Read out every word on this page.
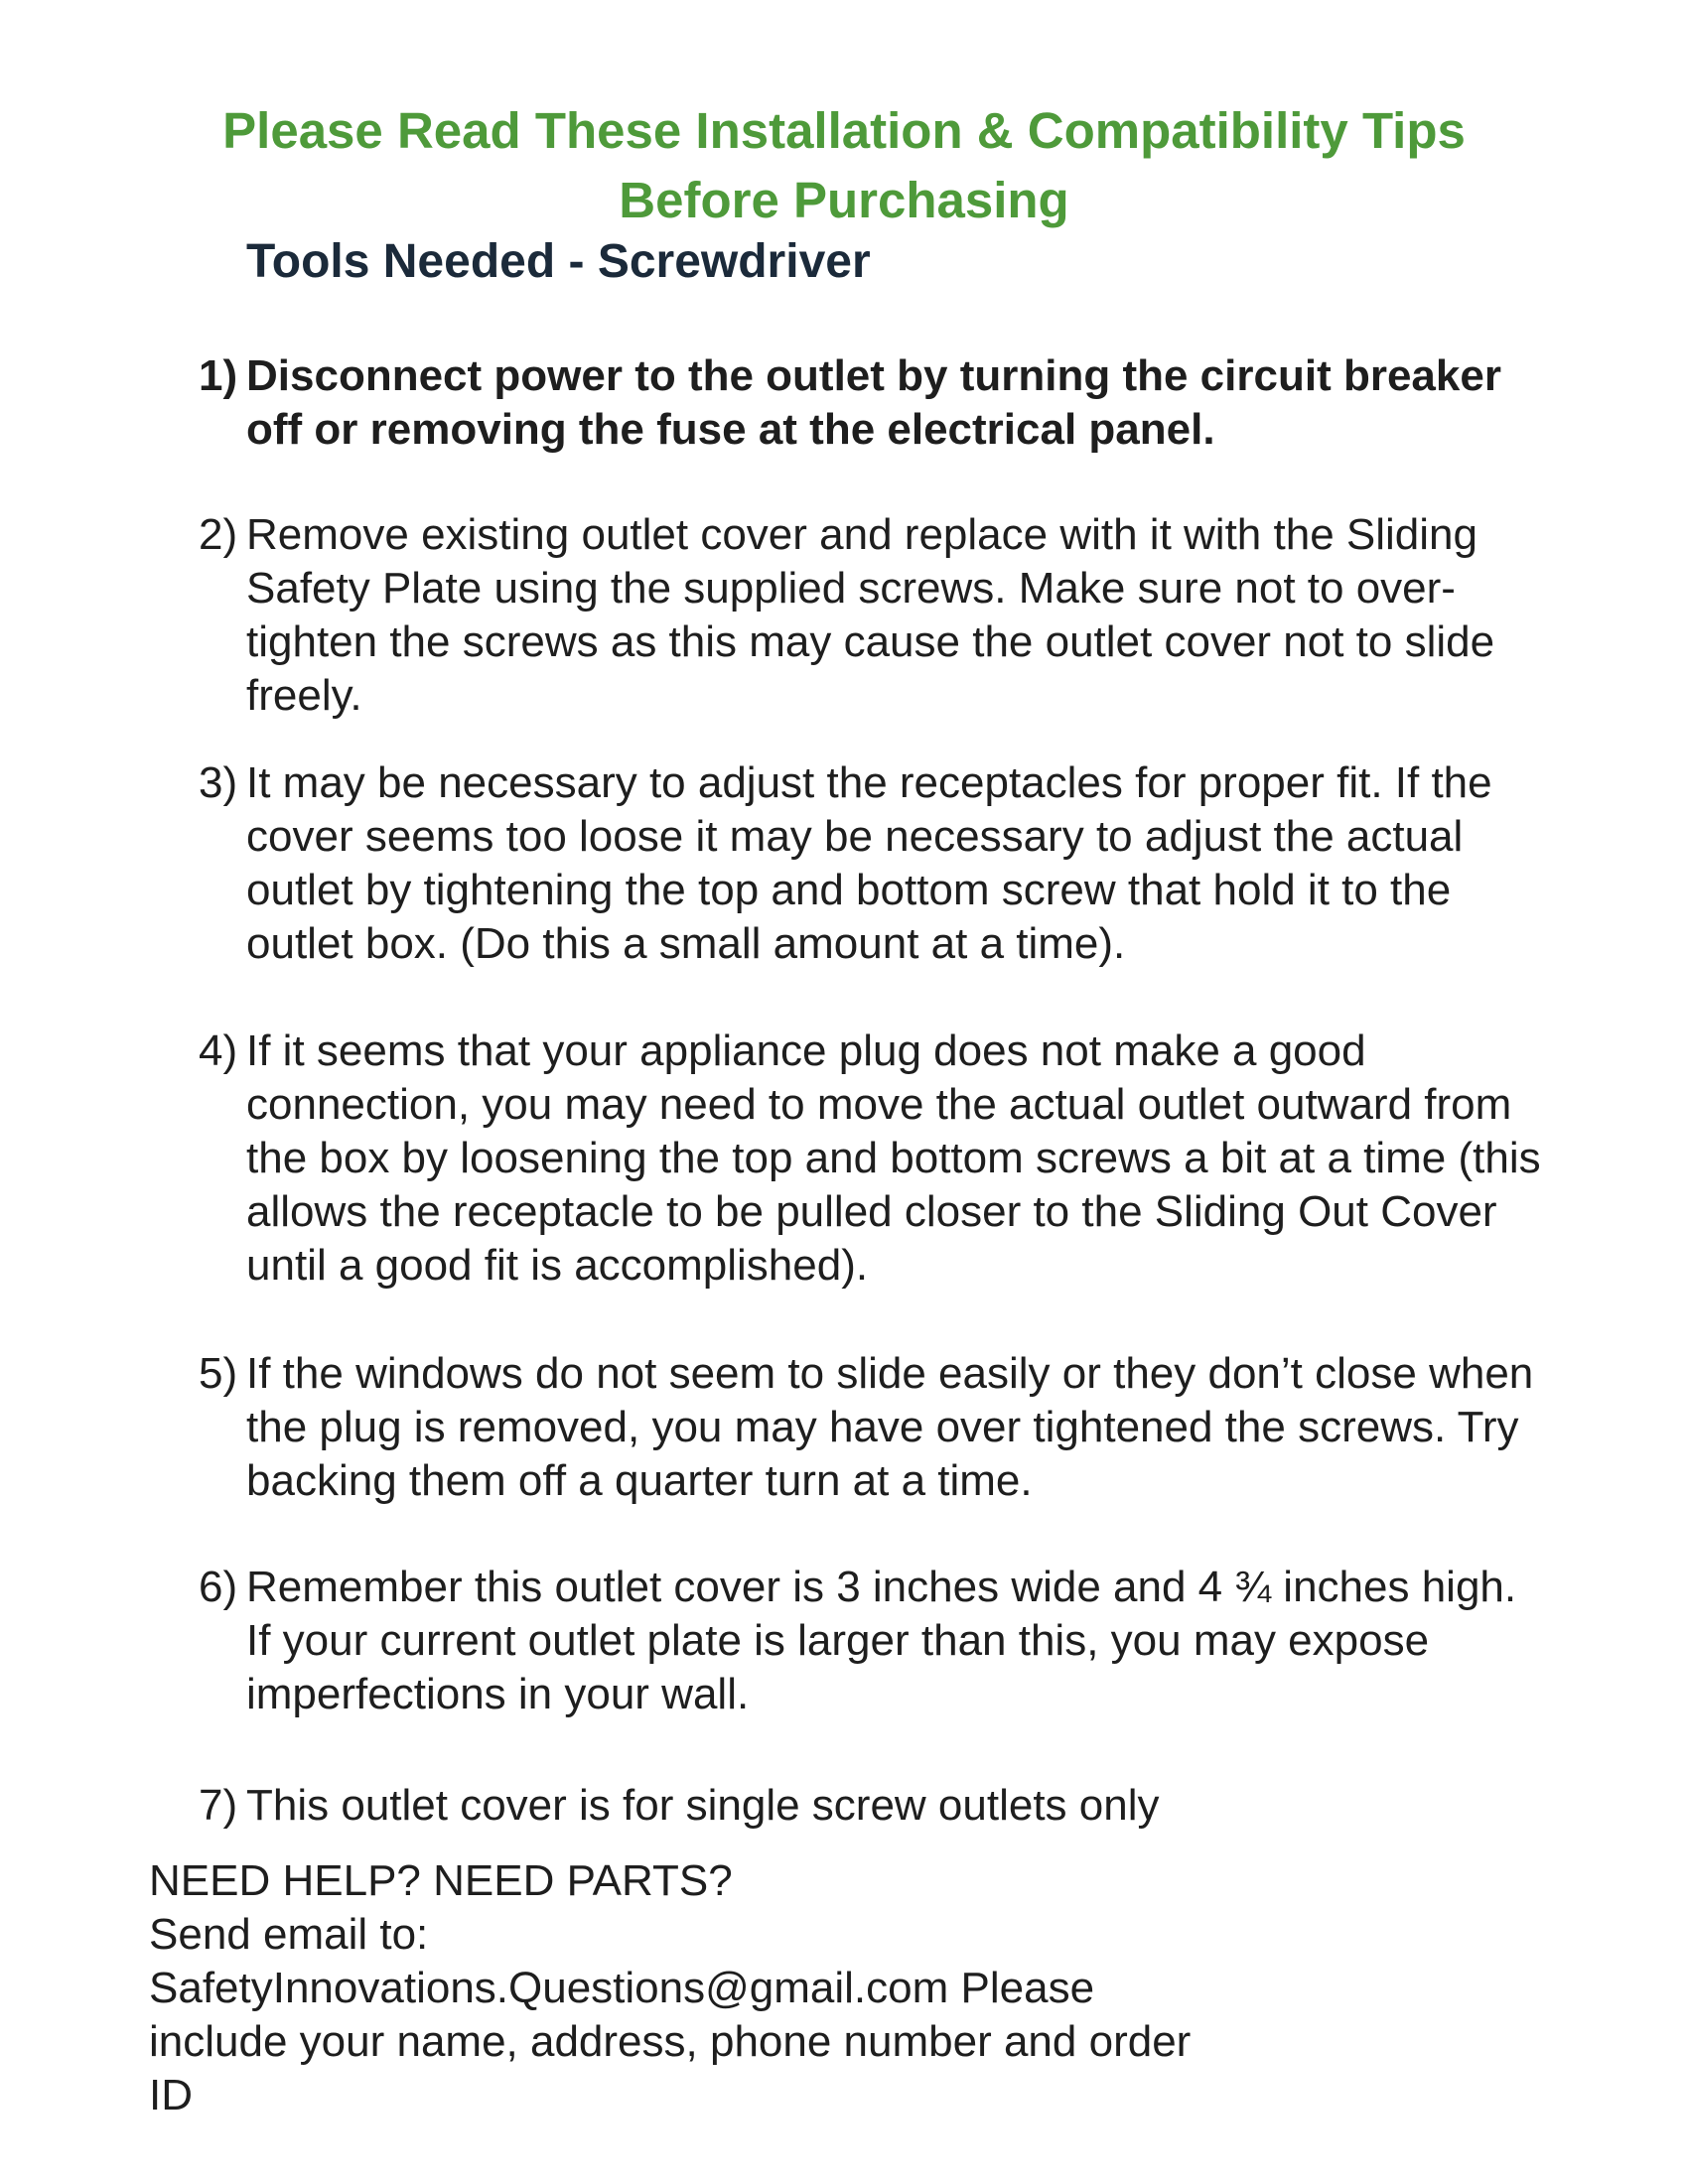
Please Read These Installation & Compatibility Tips
Before Purchasing

Tools Needed - Screwdriver

1) Disconnect power to the outlet by turning the circuit breaker off or removing the fuse at the electrical panel.
2) Remove existing outlet cover and replace with it with the Sliding Safety Plate using the supplied screws. Make sure not to over-tighten the screws as this may cause the outlet cover not to slide freely.
3) It may be necessary to adjust the receptacles for proper fit. If the cover seems too loose it may be necessary to adjust the actual outlet by tightening the top and bottom screw that hold it to the outlet box. (Do this a small amount at a time).
4) If it seems that your appliance plug does not make a good connection, you may need to move the actual outlet outward from the box by loosening the top and bottom screws a bit at a time (this allows the receptacle to be pulled closer to the Sliding Out Cover until a good fit is accomplished).
5) If the windows do not seem to slide easily or they don’t close when the plug is removed, you may have over tightened the screws. Try backing them off a quarter turn at a time.
6) Remember this outlet cover is 3 inches wide and 4 ¾ inches high. If your current outlet plate is larger than this, you may expose imperfections in your wall.
7) This outlet cover is for single screw outlets only
NEED HELP? NEED PARTS?
Send email to:
SafetyInnovations.Questions@gmail.com Please include your name, address, phone number and order ID
